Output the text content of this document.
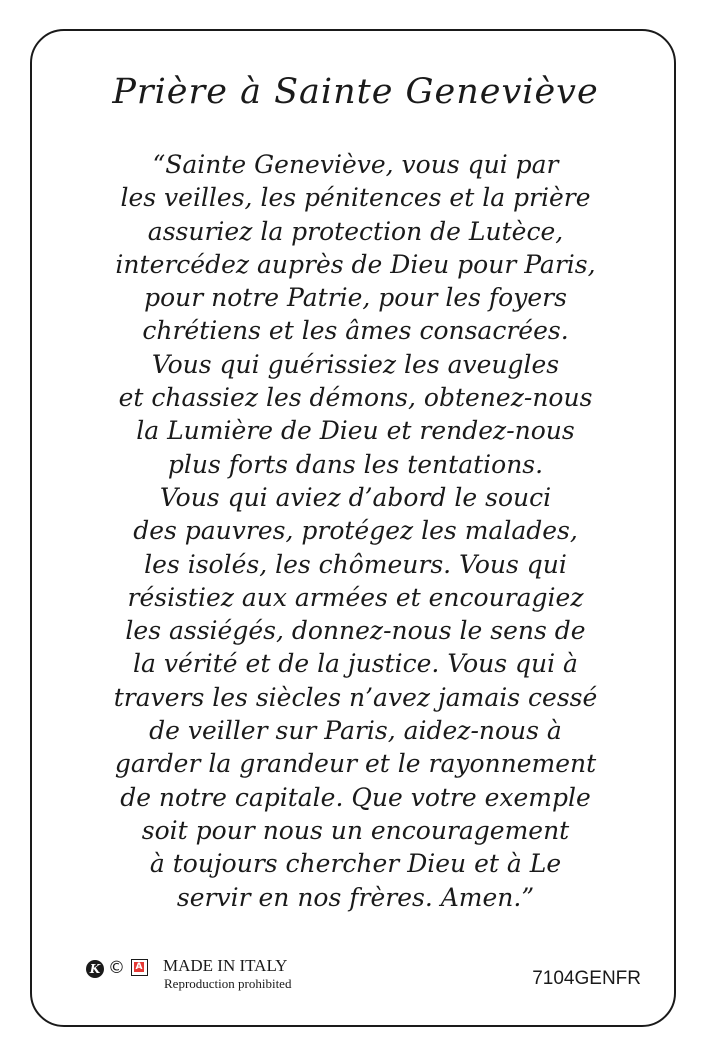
Prière à Sainte Geneviève
“Sainte Geneviève, vous qui par
les veilles, les pénitences et la prière
assuriez la protection de Lutèce,
intercédez auprès de Dieu pour Paris,
pour notre Patrie, pour les foyers
chrétiens et les âmes consacrées.
Vous qui guérissiez les aveugles
et chassiez les démons, obtenez-nous
la Lumière de Dieu et rendez-nous
plus forts dans les tentations.
Vous qui aviez d’abord le souci
des pauvres, protégez les malades,
les isolés, les chômeurs. Vous qui
résistiez aux armées et encouragiez
les assiégés, donnez-nous le sens de
la vérité et de la justice. Vous qui à
travers les siècles n’avez jamais cessé
de veiller sur Paris, aidez-nous à
garder la grandeur et le rayonnement
de notre capitale. Que votre exemple
soit pour nous un encouragement
à toujours chercher Dieu et à Le
servir en nos frères. Amen.”
K © A MADE IN ITALY
Reproduction prohibited	7104GENFR
